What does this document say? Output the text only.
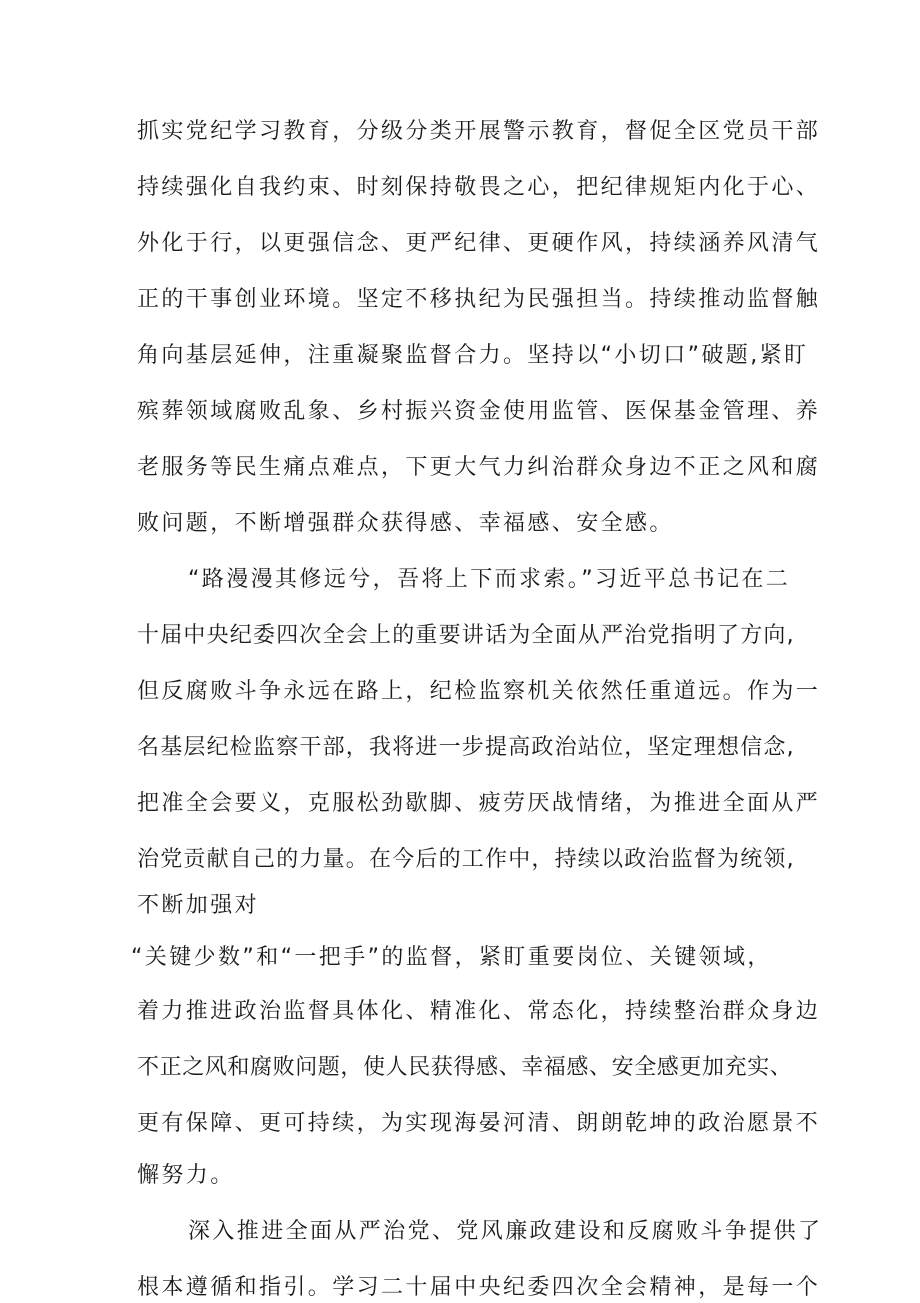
抓实党纪学习教育，分级分类开展警示教育，督促全区党员干部
持续强化自我约束、时刻保持敬畏之心，把纪律规矩内化于心、
外化于行，以更强信念、更严纪律、更硬作风，持续涵养风清气
正的干事创业环境。坚定不移执纪为民强担当。持续推动监督触
角向基层延伸，注重凝聚监督合力。坚持以“小切口”破题,紧盯
殡葬领域腐败乱象、乡村振兴资金使用监管、医保基金管理、养
老服务等民生痛点难点，下更大气力纠治群众身边不正之风和腐
败问题，不断增强群众获得感、幸福感、安全感。
“路漫漫其修远兮，吾将上下而求索。”习近平总书记在二
十届中央纪委四次全会上的重要讲话为全面从严治党指明了方向,
但反腐败斗争永远在路上，纪检监察机关依然任重道远。作为一
名基层纪检监察干部，我将进一步提高政治站位，坚定理想信念,
把准全会要义，克服松劲歇脚、疲劳厌战情绪，为推进全面从严
治党贡献自己的力量。在今后的工作中，持续以政治监督为统领,
不断加强对
“关键少数”和“一把手”的监督，紧盯重要岗位、关键领域，
着力推进政治监督具体化、精准化、常态化，持续整治群众身边
不正之风和腐败问题，使人民获得感、幸福感、安全感更加充实、
更有保障、更可持续，为实现海晏河清、朗朗乾坤的政治愿景不
懈努力。
深入推进全面从严治党、党风廉政建设和反腐败斗争提供了
根本遵循和指引。学习二十届中央纪委四次全会精神，是每一个
